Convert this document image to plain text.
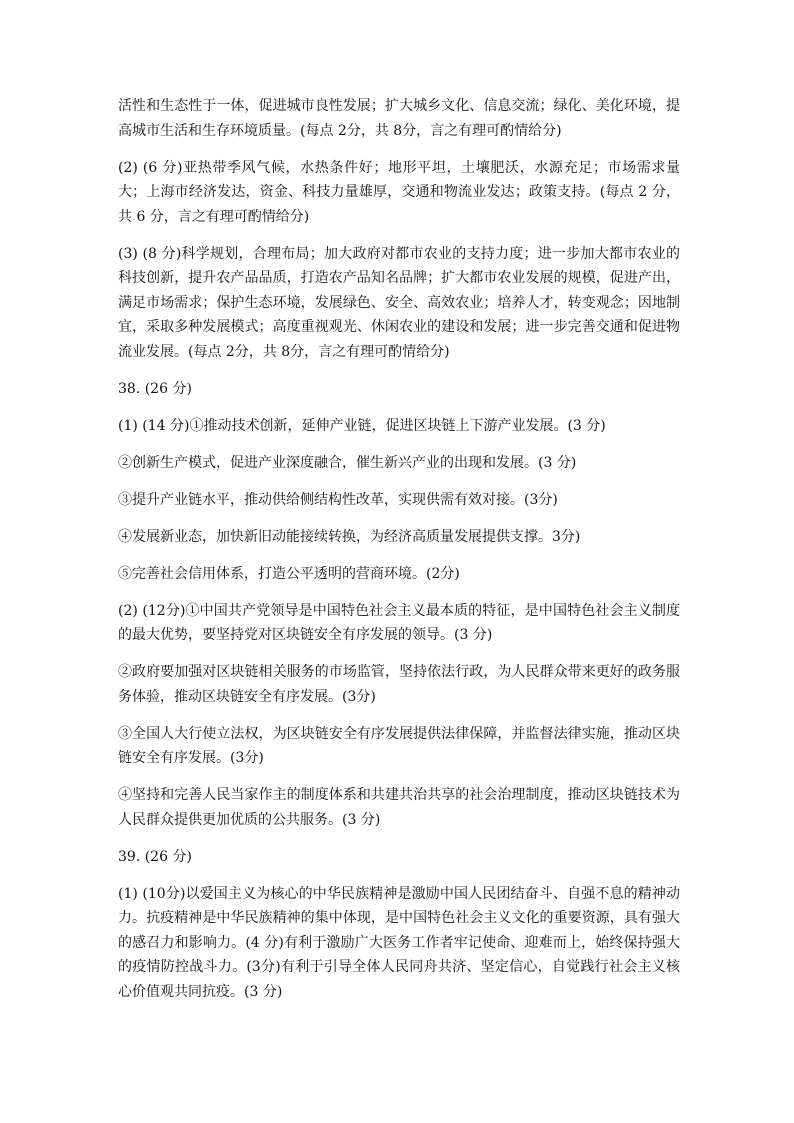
活性和生态性于一体，促进城市良性发展；扩大城乡文化、信息交流；绿化、美化环境，提高城市生活和生存环境质量。(每点 2分，共 8分，言之有理可酌情给分)

(2) (6 分)亚热带季风气候，水热条件好；地形平坦，土壤肥沃，水源充足；市场需求量大；上海市经济发达，资金、科技力量雄厚，交通和物流业发达；政策支持。(每点 2 分，共 6 分，言之有理可酌情给分)

(3) (8 分)科学规划，合理布局；加大政府对都市农业的支持力度；进一步加大都市农业的科技创新，提升农产品品质，打造农产品知名品牌；扩大都市农业发展的规模，促进产出，满足市场需求；保护生态环境，发展绿色、安全、高效农业；培养人才，转变观念；因地制宜，采取多种发展模式；高度重视观光、休闲农业的建设和发展；进一步完善交通和促进物流业发展。(每点 2分，共 8分，言之有理可酌情给分)

38. (26 分)

(1) (14 分)①推动技术创新，延伸产业链，促进区块链上下游产业发展。(3 分)

②创新生产模式，促进产业深度融合，催生新兴产业的出现和发展。(3 分)

③提升产业链水平，推动供给侧结构性改革，实现供需有效对接。(3分)

④发展新业态，加快新旧动能接续转换，为经济高质量发展提供支撑。3分)

⑤完善社会信用体系，打造公平透明的营商环境。(2分)

(2) (12分)①中国共产党领导是中国特色社会主义最本质的特征，是中国特色社会主义制度的最大优势，要坚持党对区块链安全有序发展的领导。(3 分)

②政府要加强对区块链相关服务的市场监管，坚持依法行政，为人民群众带来更好的政务服务体验，推动区块链安全有序发展。(3分)

③全国人大行使立法权，为区块链安全有序发展提供法律保障，并监督法律实施，推动区块链安全有序发展。(3分)

④坚持和完善人民当家作主的制度体系和共建共治共享的社会治理制度，推动区块链技术为人民群众提供更加优质的公共服务。(3 分)

39. (26 分)

(1) (10分)以爱国主义为核心的中华民族精神是激励中国人民团结奋斗、自强不息的精神动力。抗疫精神是中华民族精神的集中体现，是中国特色社会主义文化的重要资源，具有强大的感召力和影响力。(4 分)有利于激励广大医务工作者牢记使命、迎难而上，始终保持强大的疫情防控战斗力。(3分)有利于引导全体人民同舟共济、坚定信心，自觉践行社会主义核心价值观共同抗疫。(3 分)
